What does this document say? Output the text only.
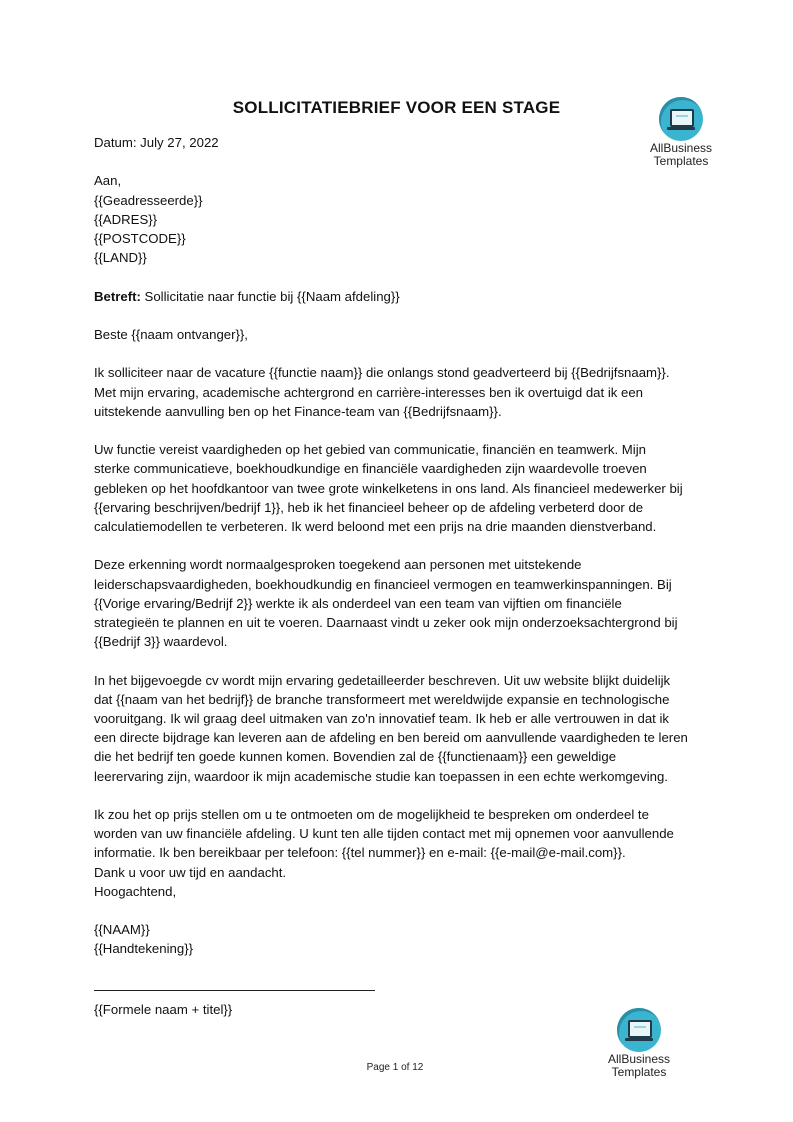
SOLLICITATIEBRIEF VOOR EEN STAGE
AllBusiness
Templates

Datum: July 27, 2022

Aan,

{{Geadresseerde}}

{{ADRES}}

{{POSTCODE}}

{{LAND}}

Betreft: Sollicitatie naar functie bij {{Naam afdeling}}

Beste {{naam ontvanger}},

Ik solliciteer naar de vacature {{functie naam}} die onlangs stond geadverteerd bij {{Bedrijfsnaam}}.

Met mijn ervaring, academische achtergrond en carrière-interesses ben ik overtuigd dat ik een

uitstekende aanvulling ben op het Finance-team van {{Bedrijfsnaam}}.

Uw functie vereist vaardigheden op het gebied van communicatie, financiën en teamwerk. Mijn

sterke communicatieve, boekhoudkundige en financiële vaardigheden zijn waardevolle troeven

gebleken op het hoofdkantoor van twee grote winkelketens in ons land. Als financieel medewerker bij

{{ervaring beschrijven/bedrijf 1}}, heb ik het financieel beheer op de afdeling verbeterd door de

calculatiemodellen te verbeteren. Ik werd beloond met een prijs na drie maanden dienstverband.

Deze erkenning wordt normaalgesproken toegekend aan personen met uitstekende

leiderschapsvaardigheden, boekhoudkundig en financieel vermogen en teamwerkinspanningen. Bij

{{Vorige ervaring/Bedrijf 2}} werkte ik als onderdeel van een team van vijftien om financiële

strategieën te plannen en uit te voeren. Daarnaast vindt u zeker ook mijn onderzoeksachtergrond bij

{{Bedrijf 3}} waardevol.

In het bijgevoegde cv wordt mijn ervaring gedetailleerder beschreven. Uit uw website blijkt duidelijk

dat {{naam van het bedrijf}} de branche transformeert met wereldwijde expansie en technologische

vooruitgang. Ik wil graag deel uitmaken van zo'n innovatief team. Ik heb er alle vertrouwen in dat ik

een directe bijdrage kan leveren aan de afdeling en ben bereid om aanvullende vaardigheden te leren

die het bedrijf ten goede kunnen komen. Bovendien zal de {{functienaam}} een geweldige

leerervaring zijn, waardoor ik mijn academische studie kan toepassen in een echte werkomgeving.

Ik zou het op prijs stellen om u te ontmoeten om de mogelijkheid te bespreken om onderdeel te

worden van uw financiële afdeling. U kunt ten alle tijden contact met mij opnemen voor aanvullende

informatie. Ik ben bereikbaar per telefoon: {{tel nummer}} en e-mail: {{e-mail@e-mail.com}}.

Dank u voor uw tijd en aandacht.

Hoogachtend,

{{NAAM}}

{{Handtekening}}

{{Formele naam + titel}}
AllBusiness
Templates
Page 1 of 12
